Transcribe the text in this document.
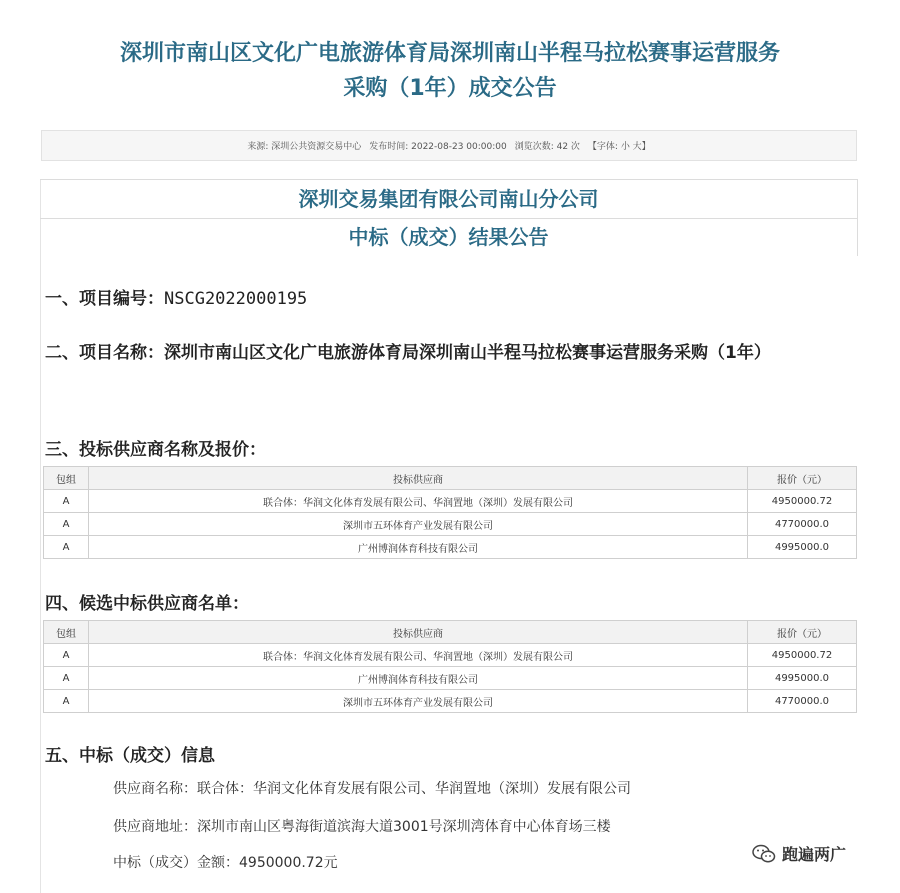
深圳市南山区文化广电旅游体育局深圳南山半程马拉松赛事运营服务
采购（1年）成交公告
来源: 深圳公共资源交易中心 发布时间: 2022-08-23 00:00:00 浏览次数: 42 次 【字体: 小 大】
深圳交易集团有限公司南山分公司
中标（成交）结果公告
一、项目编号：NSCG2022000195
二、项目名称：深圳市南山区文化广电旅游体育局深圳南山半程马拉松赛事运营服务采购（1年）
三、投标供应商名称及报价：
包组	投标供应商	报价（元）
A	联合体：华润文化体育发展有限公司、华润置地（深圳）发展有限公司	4950000.72
A	深圳市五环体育产业发展有限公司	4770000.0
A	广州博润体育科技有限公司	4995000.0
四、候选中标供应商名单：
包组	投标供应商	报价（元）
A	联合体：华润文化体育发展有限公司、华润置地（深圳）发展有限公司	4950000.72
A	广州博润体育科技有限公司	4995000.0
A	深圳市五环体育产业发展有限公司	4770000.0
五、中标（成交）信息
供应商名称：联合体：华润文化体育发展有限公司、华润置地（深圳）发展有限公司
供应商地址：深圳市南山区粤海街道滨海大道3001号深圳湾体育中心体育场三楼
中标（成交）金额：4950000.72元	跑遍两广
